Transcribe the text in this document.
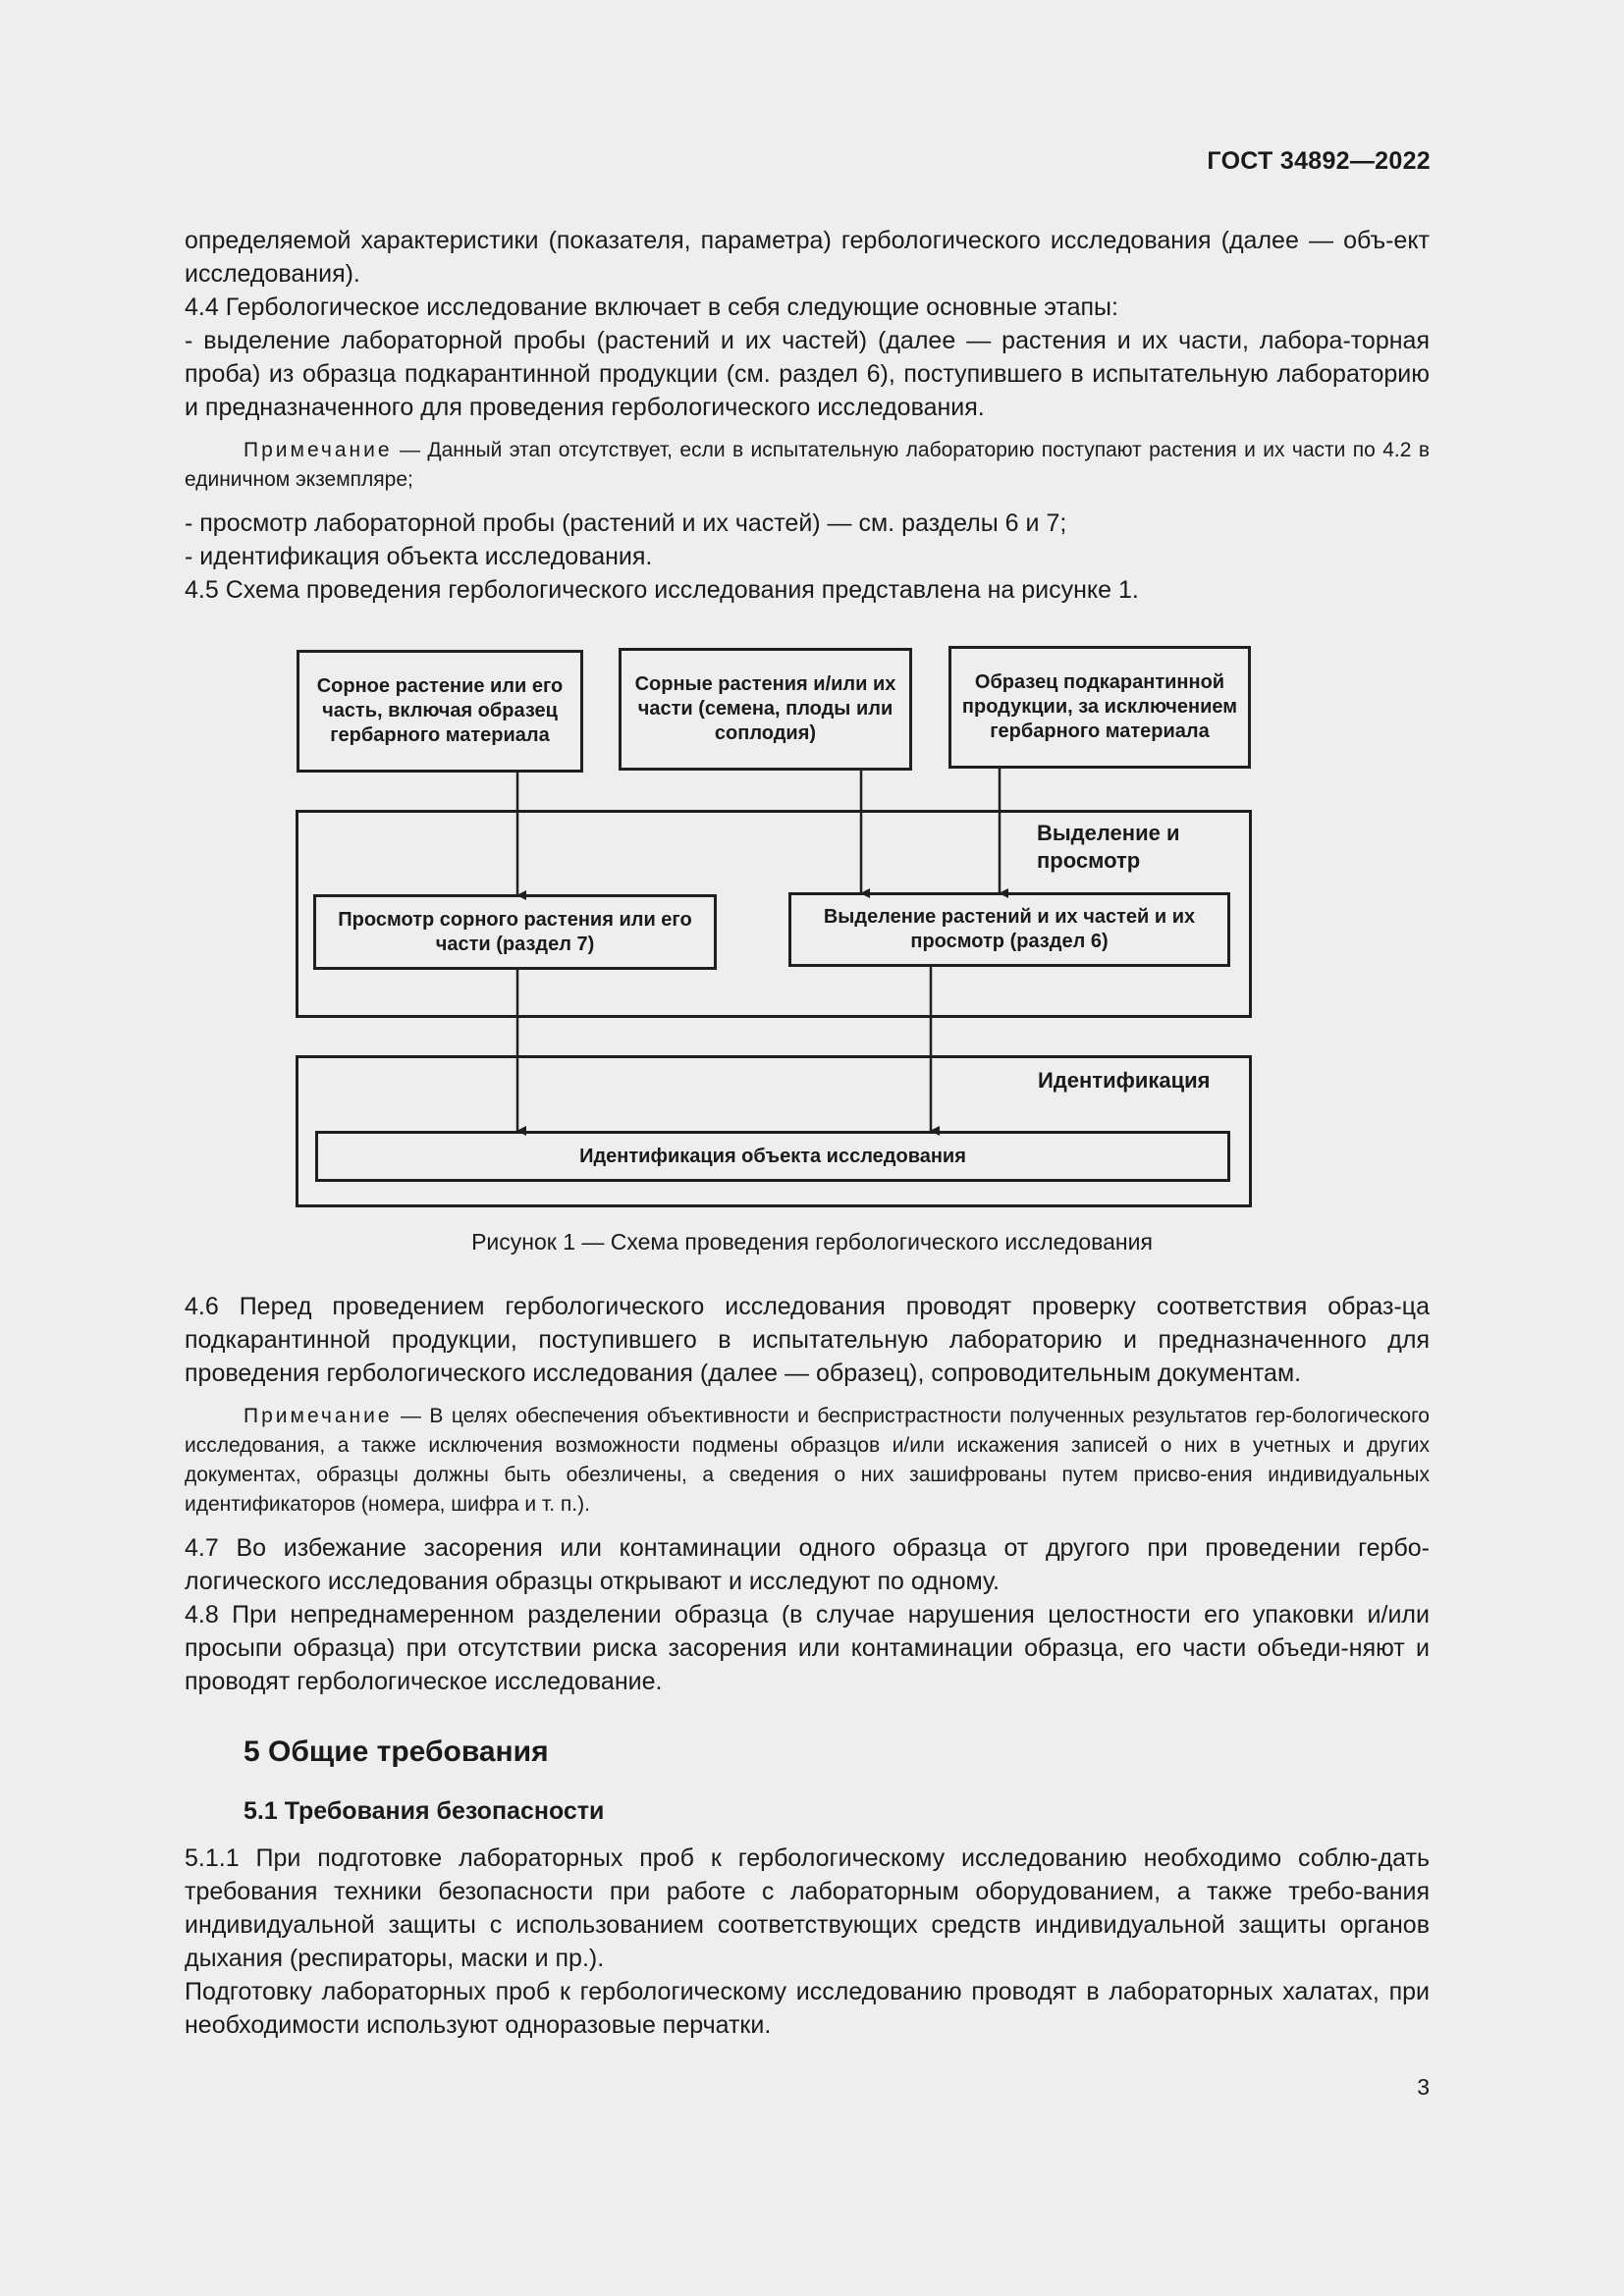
ГОСТ 34892—2022

определяемой характеристики (показателя, параметра) гербологического исследования (далее — объ-ект исследования).

4.4 Гербологическое исследование включает в себя следующие основные этапы:

- выделение лабораторной пробы (растений и их частей) (далее — растения и их части, лабора-торная проба) из образца подкарантинной продукции (см. раздел 6), поступившего в испытательную лабораторию и предназначенного для проведения гербологического исследования.

Примечание — Данный этап отсутствует, если в испытательную лабораторию поступают растения и их части по 4.2 в единичном экземпляре;

- просмотр лабораторной пробы (растений и их частей) — см. разделы 6 и 7;

- идентификация объекта исследования.

4.5 Схема проведения гербологического исследования представлена на рисунке 1.

Сорное растение или его часть, включая образец гербарного материала
Сорные растения и/или их части (семена, плоды или соплодия)
Образец подкарантинной продукции, за исключением гербарного материала
Выделение и просмотр
Просмотр сорного растения или его части (раздел 7)
Выделение растений и их частей и их просмотр (раздел 6)
Идентификация
Идентификация объекта исследования
Рисунок 1 — Схема проведения гербологического исследования

4.6 Перед проведением гербологического исследования проводят проверку соответствия образ-ца подкарантинной продукции, поступившего в испытательную лабораторию и предназначенного для проведения гербологического исследования (далее — образец), сопроводительным документам.

Примечание — В целях обеспечения объективности и беспристрастности полученных результатов гер-бологического исследования, а также исключения возможности подмены образцов и/или искажения записей о них в учетных и других документах, образцы должны быть обезличены, а сведения о них зашифрованы путем присво-ения индивидуальных идентификаторов (номера, шифра и т. п.).

4.7 Во избежание засорения или контаминации одного образца от другого при проведении гербо-логического исследования образцы открывают и исследуют по одному.

4.8 При непреднамеренном разделении образца (в случае нарушения целостности его упаковки и/или просыпи образца) при отсутствии риска засорения или контаминации образца, его части объеди-няют и проводят гербологическое исследование.

5 Общие требования

5.1 Требования безопасности

5.1.1 При подготовке лабораторных проб к гербологическому исследованию необходимо соблю-дать требования техники безопасности при работе с лабораторным оборудованием, а также требо-вания индивидуальной защиты с использованием соответствующих средств индивидуальной защиты органов дыхания (респираторы, маски и пр.).

Подготовку лабораторных проб к гербологическому исследованию проводят в лабораторных халатах, при необходимости используют одноразовые перчатки.

3
